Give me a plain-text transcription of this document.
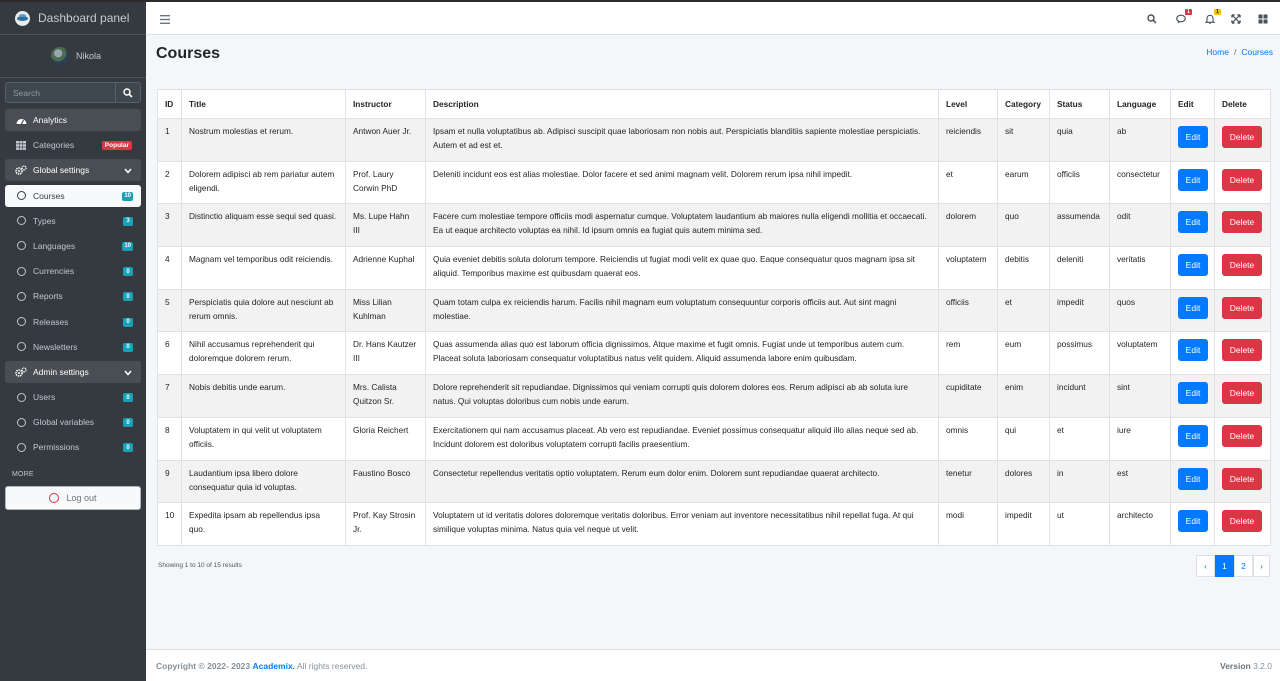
Dashboard panel
Nikola
Search
Analytics
Categories	Popular
Global settings
Courses	10
Types	3
Languages	10
Currencies	0
Reports	0
Releases	0
Newsletters	0
Admin settings
Users	0
Global variables	0
Permissions	0
MORE
Log out
1	1
Courses	Home / Courses
ID	Title	Instructor	Description	Level	Category	Status	Language	Edit	Delete
1	Nostrum molestias et rerum.	Antwon Auer Jr.	Ipsam et nulla voluptatibus ab. Adipisci suscipit quae laboriosam non nobis aut. Perspiciatis blanditiis sapiente molestiae perspiciatis. Autem et ad est et.	reiciendis	sit	quia	ab	Edit	Delete
2	Dolorem adipisci ab rem pariatur autem eligendi.	Prof. Laury Corwin PhD	Deleniti incidunt eos est alias molestiae. Dolor facere et sed animi magnam velit. Dolorem rerum ipsa nihil impedit.	et	earum	officiis	consectetur	Edit	Delete
3	Distinctio aliquam esse sequi sed quasi.	Ms. Lupe Hahn III	Facere cum molestiae tempore officiis modi aspernatur cumque. Voluptatem laudantium ab maiores nulla eligendi mollitia et occaecati. Ea ut eaque architecto voluptas ea nihil. Id ipsum omnis ea fugiat quis autem minima sed.	dolorem	quo	assumenda	odit	Edit	Delete
4	Magnam vel temporibus odit reiciendis.	Adrienne Kuphal	Quia eveniet debitis soluta dolorum tempore. Reiciendis ut fugiat modi velit ex quae quo. Eaque consequatur quos magnam ipsa sit aliquid. Temporibus maxime est quibusdam quaerat eos.	voluptatem	debitis	deleniti	veritatis	Edit	Delete
5	Perspiciatis quia dolore aut nesciunt ab rerum omnis.	Miss Lilian Kuhlman	Quam totam culpa ex reiciendis harum. Facilis nihil magnam eum voluptatum consequuntur corporis officiis aut. Aut sint magni molestiae.	officiis	et	impedit	quos	Edit	Delete
6	Nihil accusamus reprehenderit qui doloremque dolorem rerum.	Dr. Hans Kautzer III	Quas assumenda alias quo est laborum officia dignissimos. Atque maxime et fugit omnis. Fugiat unde ut temporibus autem cum. Placeat soluta laboriosam consequatur voluptatibus natus velit quidem. Aliquid assumenda labore enim quibusdam.	rem	eum	possimus	voluptatem	Edit	Delete
7	Nobis debitis unde earum.	Mrs. Calista Quitzon Sr.	Dolore reprehenderit sit repudiandae. Dignissimos qui veniam corrupti quis dolorem dolores eos. Rerum adipisci ab ab soluta iure natus. Qui voluptas doloribus cum nobis unde earum.	cupiditate	enim	incidunt	sint	Edit	Delete
8	Voluptatem in qui velit ut voluptatem officiis.	Gloria Reichert	Exercitationem qui nam accusamus placeat. Ab vero est repudiandae. Eveniet possimus consequatur aliquid illo alias neque sed ab. Incidunt dolorem est doloribus voluptatem corrupti facilis praesentium.	omnis	qui	et	iure	Edit	Delete
9	Laudantium ipsa libero dolore consequatur quia id voluptas.	Faustino Bosco	Consectetur repellendus veritatis optio voluptatem. Rerum eum dolor enim. Dolorem sunt repudiandae quaerat architecto.	tenetur	dolores	in	est	Edit	Delete
10	Expedita ipsam ab repellendus ipsa quo.	Prof. Kay Strosin Jr.	Voluptatem ut id veritatis dolores doloremque veritatis doloribus. Error veniam aut inventore necessitatibus nihil repellat fuga. At qui similique voluptas minima. Natus quia vel neque ut velit.	modi	impedit	ut	architecto	Edit	Delete
Showing 1 to 10 of 15 results	‹	1	2	›
Copyright © 2022- 2023 Academix. All rights reserved.	Version 3.2.0
